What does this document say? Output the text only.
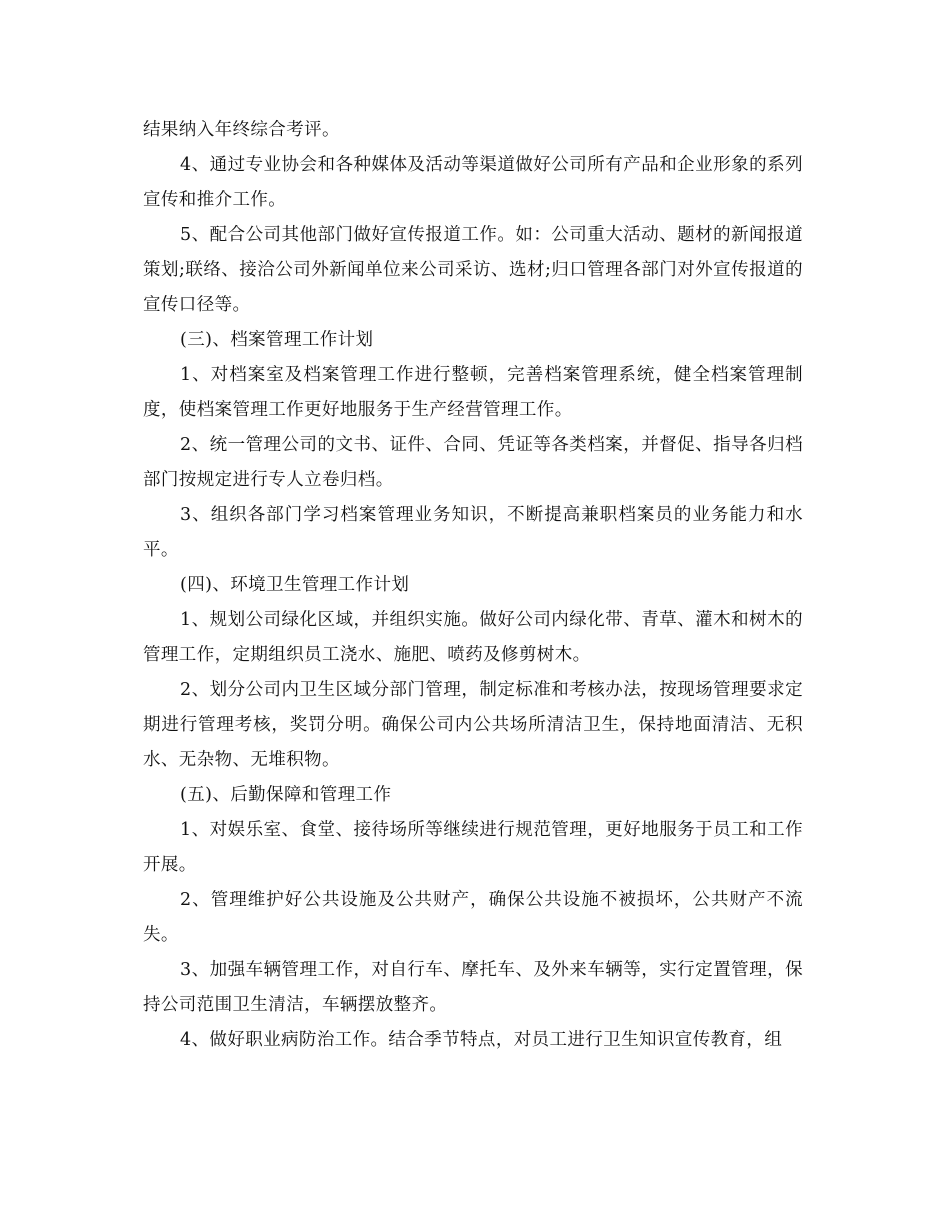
结果纳入年终综合考评。

4、通过专业协会和各种媒体及活动等渠道做好公司所有产品和企业形象的系列宣传和推介工作。

5、配合公司其他部门做好宣传报道工作。如：公司重大活动、题材的新闻报道策划;联络、接洽公司外新闻单位来公司采访、选材;归口管理各部门对外宣传报道的宣传口径等。

(三)、档案管理工作计划

1、对档案室及档案管理工作进行整顿，完善档案管理系统，健全档案管理制度，使档案管理工作更好地服务于生产经营管理工作。

2、统一管理公司的文书、证件、合同、凭证等各类档案，并督促、指导各归档部门按规定进行专人立卷归档。

3、组织各部门学习档案管理业务知识，不断提高兼职档案员的业务能力和水平。

(四)、环境卫生管理工作计划

1、规划公司绿化区域，并组织实施。做好公司内绿化带、青草、灌木和树木的管理工作，定期组织员工浇水、施肥、喷药及修剪树木。

2、划分公司内卫生区域分部门管理，制定标准和考核办法，按现场管理要求定期进行管理考核，奖罚分明。确保公司内公共场所清洁卫生，保持地面清洁、无积水、无杂物、无堆积物。

(五)、后勤保障和管理工作

1、对娱乐室、食堂、接待场所等继续进行规范管理，更好地服务于员工和工作开展。

2、管理维护好公共设施及公共财产，确保公共设施不被损坏，公共财产不流失。

3、加强车辆管理工作，对自行车、摩托车、及外来车辆等，实行定置管理，保持公司范围卫生清洁，车辆摆放整齐。

4、做好职业病防治工作。结合季节特点，对员工进行卫生知识宣传教育，组
